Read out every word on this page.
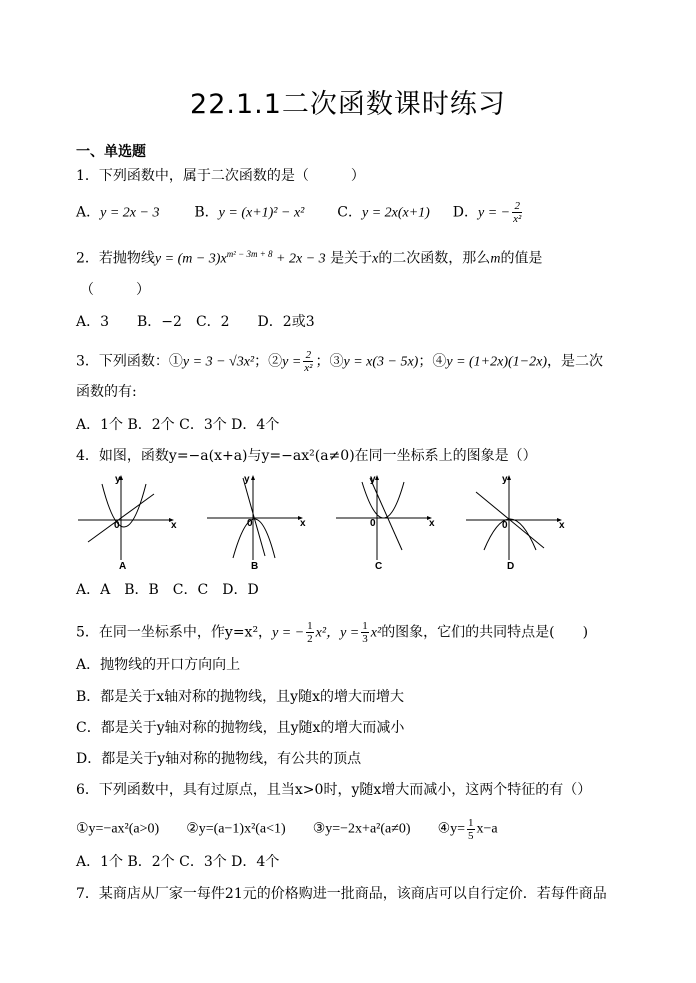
22.1.1二次函数课时练习
一、单选题
1．下列函数中，属于二次函数的是（　　　）
A．y = 2x − 3 B．y = (x+1)² − x² C．y = 2x(x+1) D．y = − $\frac{2}{\text{x²}}$
2．若抛物线$y = (m - 3)x^{m^2 - 3m + 8} + 2x - 3$ 是关于x的二次函数，那么m的值是
（　　　）
A．3　　B．−2　C．2　　D．2或3
3．下列函数：①y = 3 − √3x²；②y = $\frac{2}{\text{x²}}$ ；③y = x(3 − 5x)；④y = (1+2x)(1−2x)，是二次
函数的有:
A．1个 B．2个 C．3个 D．4个
4．如图，函数y=−a(x+a)与y=−ax²(a≠0)在同一坐标系上的图象是（）
y
x
0
A
y
x
0
B
y
x
0
C
y
x
0
D
A．A　B．B　C．C　D．D
5．在同一坐标系中，作y=x²，y = − $\frac{1}{2} x^2$，$y = \frac{1}{3} x^2$的图象，它们的共同特点是(　　)
A．抛物线的开口方向向上
B．都是关于x轴对称的抛物线，且y随x的增大而增大
C．都是关于y轴对称的抛物线，且y随x的增大而减小
D．都是关于y轴对称的抛物线，有公共的顶点
6．下列函数中，具有过原点，且当x>0时，y随x增大而减小，这两个特征的有（）
①y=−ax²(a>0) ②y=(a−1)x²(a<1) ③y=−2x+a²(a≠0) ④y= $\frac{1}{5} x-a$
A．1个 B．2个 C．3个 D．4个
7．某商店从厂家一每件21元的价格购进一批商品，该商店可以自行定价．若每件商品
